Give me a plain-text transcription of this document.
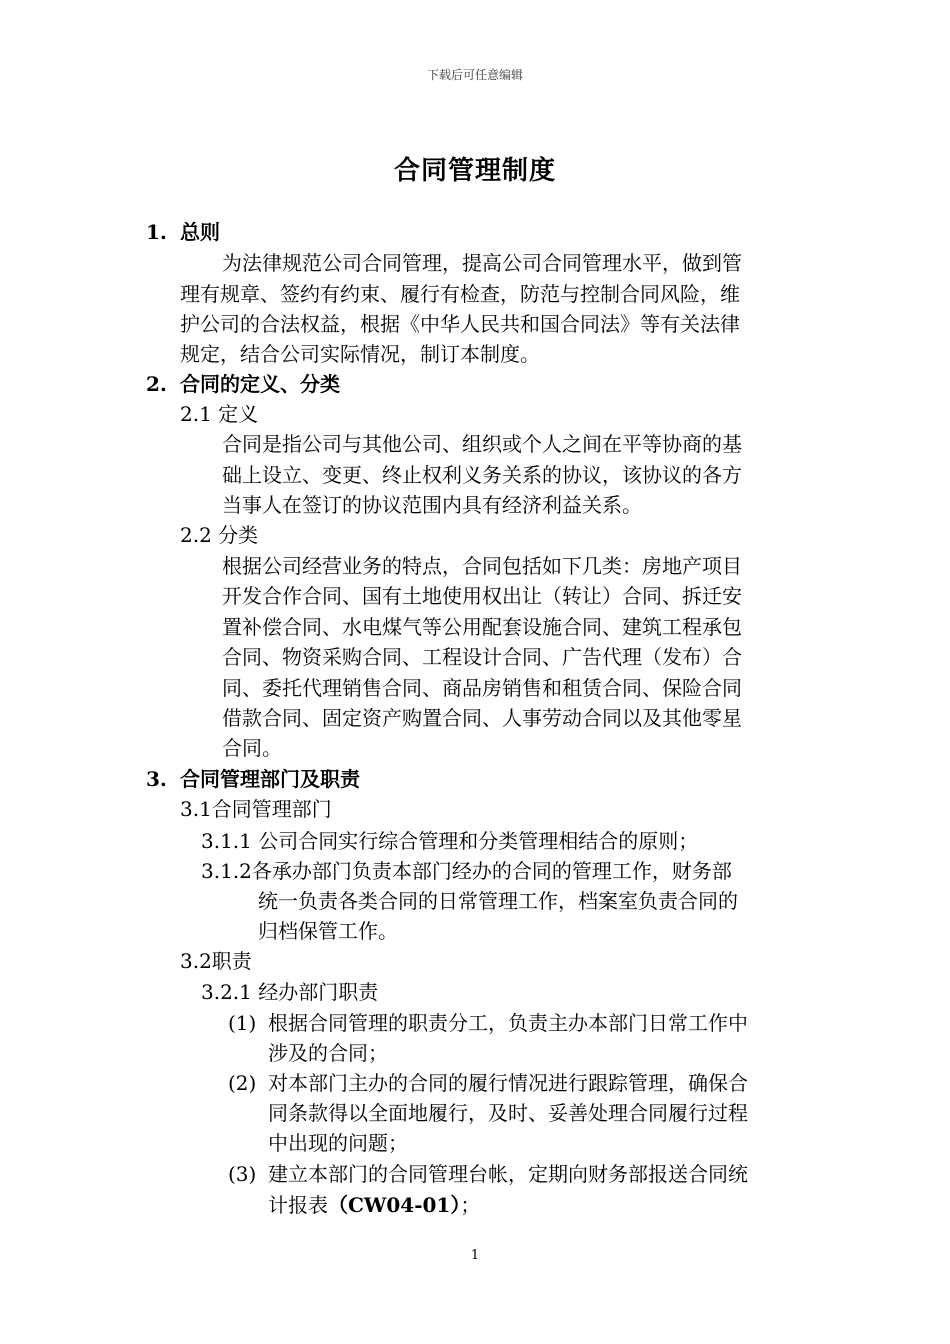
下载后可任意编辑
合同管理制度
1. 总则
为法律规范公司合同管理，提高公司合同管理水平，做到管
理有规章、签约有约束、履行有检查，防范与控制合同风险，维
护公司的合法权益，根据《中华人民共和国合同法》等有关法律
规定，结合公司实际情况，制订本制度。
2. 合同的定义、分类
2.1 定义
合同是指公司与其他公司、组织或个人之间在平等协商的基
础上设立、变更、终止权利义务关系的协议，该协议的各方
当事人在签订的协议范围内具有经济利益关系。
2.2 分类
根据公司经营业务的特点，合同包括如下几类：房地产项目
开发合作合同、国有土地使用权出让（转让）合同、拆迁安
置补偿合同、水电煤气等公用配套设施合同、建筑工程承包
合同、物资采购合同、工程设计合同、广告代理（发布）合
同、委托代理销售合同、商品房销售和租赁合同、保险合同
借款合同、固定资产购置合同、人事劳动合同以及其他零星
合同。
3. 合同管理部门及职责
3.1合同管理部门
3.1.1 公司合同实行综合管理和分类管理相结合的原则；
3.1.2各承办部门负责本部门经办的合同的管理工作，财务部
统一负责各类合同的日常管理工作，档案室负责合同的
归档保管工作。
3.2职责
3.2.1 经办部门职责
(1) 根据合同管理的职责分工，负责主办本部门日常工作中
涉及的合同；
(2) 对本部门主办的合同的履行情况进行跟踪管理，确保合
同条款得以全面地履行，及时、妥善处理合同履行过程
中出现的问题；
(3) 建立本部门的合同管理台帐，定期向财务部报送合同统
计报表（CW04-01）；
1
